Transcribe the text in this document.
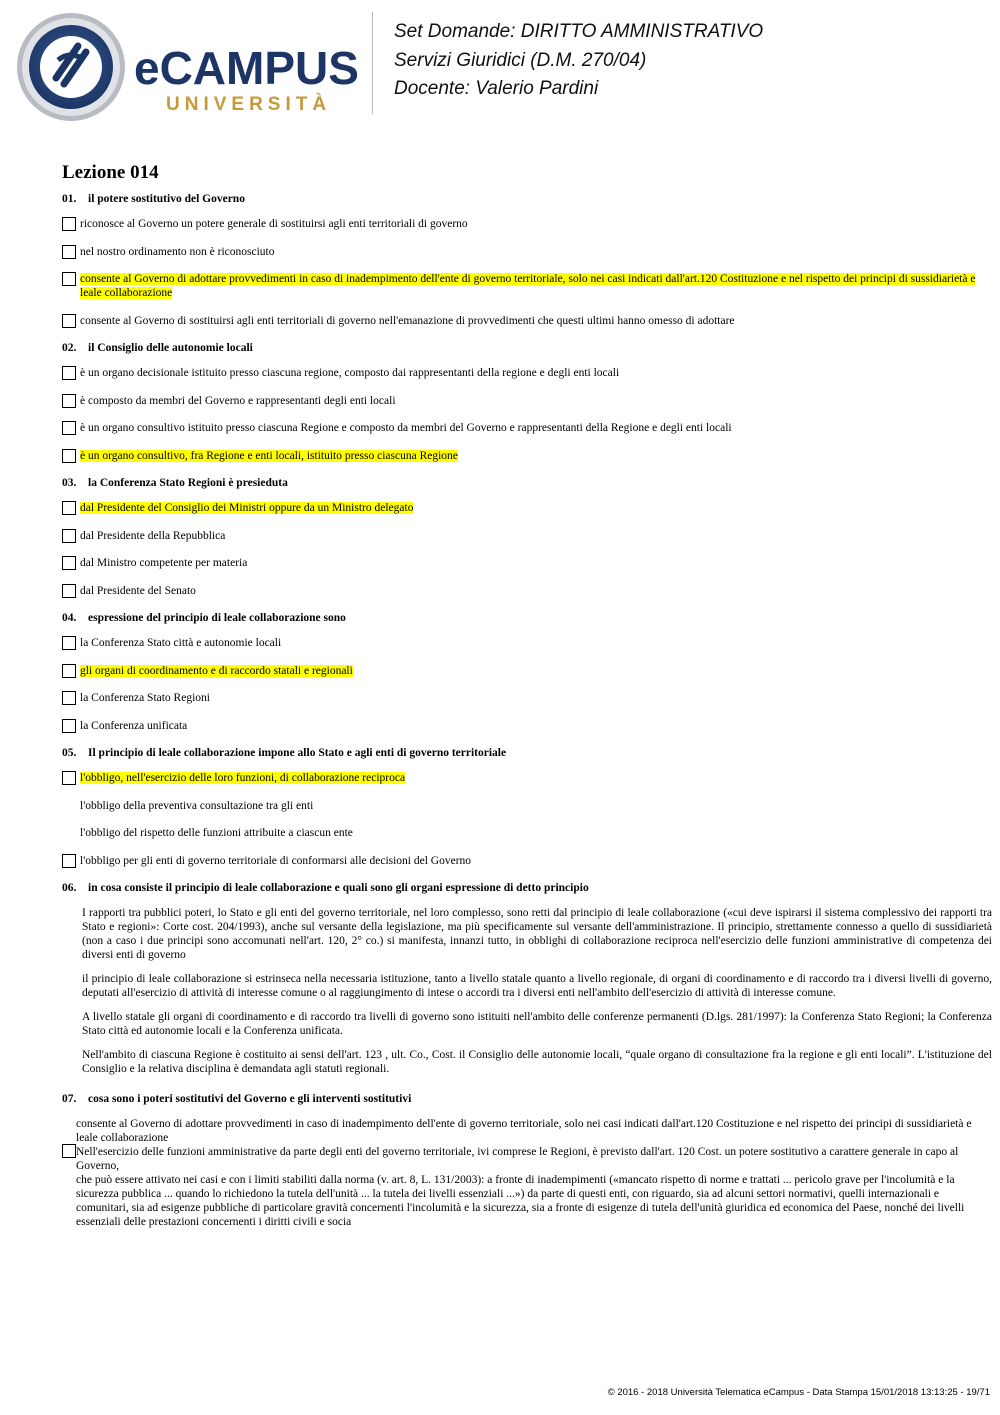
eCAMPUS
UNIVERSITÀ
Set Domande: DIRITTO AMMINISTRATIVO
Servizi Giuridici (D.M. 270/04)
Docente: Valerio Pardini
Lezione 014
01. il potere sostitutivo del Governo
riconosce al Governo un potere generale di sostituirsi agli enti territoriali di governo
nel nostro ordinamento non è riconosciuto
consente al Governo di adottare provvedimenti in caso di inadempimento dell'ente di governo territoriale, solo nei casi indicati dall'art.120 Costituzione e nel rispetto dei principi di sussidiarietà e leale collaborazione
consente al Governo di sostituirsi agli enti territoriali di governo nell'emanazione di provvedimenti che questi ultimi hanno omesso di adottare
02. il Consiglio delle autonomie locali
è un organo decisionale istituito presso ciascuna regione, composto dai rappresentanti della regione e degli enti locali
è composto da membri del Governo e rappresentanti degli enti locali
è un organo consultivo istituito presso ciascuna Regione e composto da membri del Governo e rappresentanti della Regione e degli enti locali
è un organo consultivo, fra Regione e enti locali, istituito presso ciascuna Regione
03. la Conferenza Stato Regioni è presieduta
dal Presidente del Consiglio dei Ministri oppure da un Ministro delegato
dal Presidente della Repubblica
dal Ministro competente per materia
dal Presidente del Senato
04. espressione del principio di leale collaborazione sono
la Conferenza Stato città e autonomie locali
gli organi di coordinamento e di raccordo statali e regionali
la Conferenza Stato Regioni
la Conferenza unificata
05. Il principio di leale collaborazione impone allo Stato e agli enti di governo territoriale
l'obbligo, nell'esercizio delle loro funzioni, di collaborazione reciproca
l'obbligo della preventiva consultazione tra gli enti
l'obbligo del rispetto delle funzioni attribuite a ciascun ente
l'obbligo per gli enti di governo territoriale di conformarsi alle decisioni del Governo
06. in cosa consiste il principio di leale collaborazione e quali sono gli organi espressione di detto principio

I rapporti tra pubblici poteri, lo Stato e gli enti del governo territoriale, nel loro complesso, sono retti dal principio di leale collaborazione («cui deve ispirarsi il sistema complessivo dei rapporti tra Stato e regioni»: Corte cost. 204/1993), anche sul versante della legislazione, ma più specificamente sul versante dell'amministrazione. Il principio, strettamente connesso a quello di sussidiarietà (non a caso i due principi sono accomunati nell'art. 120, 2° co.) si manifesta, innanzi tutto, in obblighi di collaborazione reciproca nell'esercizio delle funzioni amministrative di competenza dei diversi enti di governo

il principio di leale collaborazione si estrinseca nella necessaria istituzione, tanto a livello statale quanto a livello regionale, di organi di coordinamento e di raccordo tra i diversi livelli di governo, deputati all'esercizio di attività di interesse comune o al raggiungimento di intese o accordi tra i diversi enti nell'ambito dell'esercizio di attività di interesse comune.

A livello statale gli organi di coordinamento e di raccordo tra livelli di governo sono istituiti nell'ambito delle conferenze permanenti (D.lgs. 281/1997): la Conferenza Stato Regioni; la Conferenza Stato città ed autonomie locali e la Conferenza unificata.

Nell'ambito di ciascuna Regione è costituito ai sensi dell'art. 123 , ult. Co., Cost. il Consiglio delle autonomie locali, “quale organo di consultazione fra la regione e gli enti locali”. L'istituzione del Consiglio e la relativa disciplina è demandata agli statuti regionali.

07. cosa sono i poteri sostitutivi del Governo e gli interventi sostitutivi

consente al Governo di adottare provvedimenti in caso di inadempimento dell'ente di governo territoriale, solo nei casi indicati dall'art.120 Costituzione e nel rispetto dei principi di sussidiarietà e leale collaborazione

Nell'esercizio delle funzioni amministrative da parte degli enti del governo territoriale, ivi comprese le Regioni, è previsto dall'art. 120 Cost. un potere sostitutivo a carattere generale in capo al Governo,

che può essere attivato nei casi e con i limiti stabiliti dalla norma (v. art. 8, L. 131/2003): a fronte di inadempimenti («mancato rispetto di norme e trattati ... pericolo grave per l'incolumità e la sicurezza pubblica ... quando lo richiedono la tutela dell'unità ... la tutela dei livelli essenziali ...») da parte di questi enti, con riguardo, sia ad alcuni settori normativi, quelli internazionali e comunitari, sia ad esigenze pubbliche di particolare gravità concernenti l'incolumità e la sicurezza, sia a fronte di esigenze di tutela dell'unità giuridica ed economica del Paese, nonché dei livelli essenziali delle prestazioni concernenti i diritti civili e socia

© 2016 - 2018 Università Telematica eCampus - Data Stampa 15/01/2018 13:13:25 - 19/71
